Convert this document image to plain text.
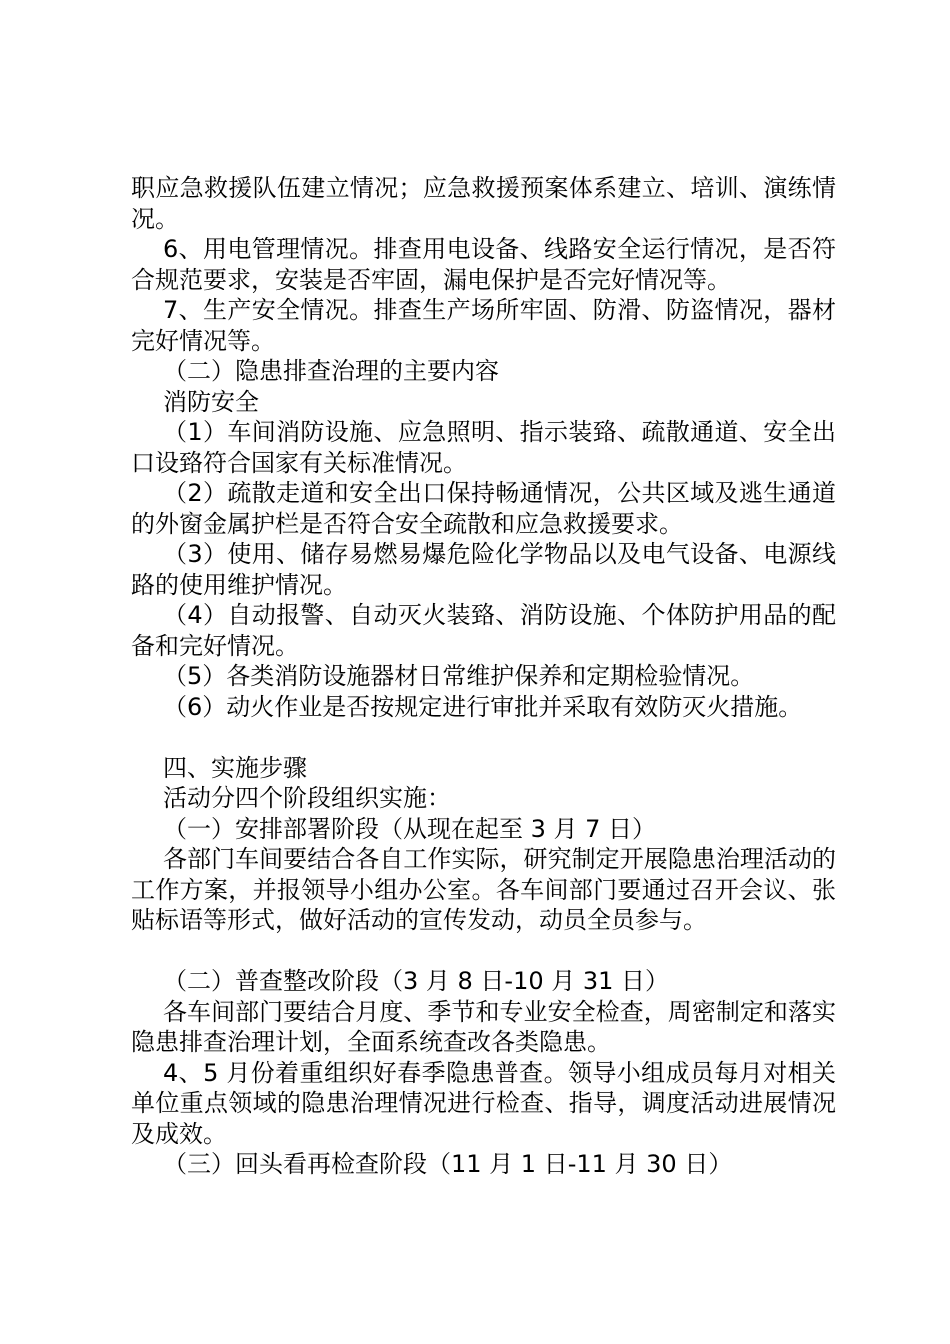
职应急救援队伍建立情况；应急救援预案体系建立、培训、演练情况。

6、用电管理情况。排查用电设备、线路安全运行情况，是否符合规范要求，安装是否牢固，漏电保护是否完好情况等。

7、生产安全情况。排查生产场所牢固、防滑、防盗情况，器材完好情况等。

（二）隐患排查治理的主要内容

消防安全

（1）车间消防设施、应急照明、指示装臵、疏散通道、安全出口设臵符合国家有关标准情况。

（2）疏散走道和安全出口保持畅通情况，公共区域及逃生通道的外窗金属护栏是否符合安全疏散和应急救援要求。

（3）使用、储存易燃易爆危险化学物品以及电气设备、电源线路的使用维护情况。

（4）自动报警、自动灭火装臵、消防设施、个体防护用品的配备和完好情况。

（5）各类消防设施器材日常维护保养和定期检验情况。

（6）动火作业是否按规定进行审批并采取有效防灭火措施。

四、实施步骤

活动分四个阶段组织实施：

（一）安排部署阶段（从现在起至 3 月 7 日）

各部门车间要结合各自工作实际，研究制定开展隐患治理活动的工作方案，并报领导小组办公室。各车间部门要通过召开会议、张贴标语等形式，做好活动的宣传发动，动员全员参与。

（二）普查整改阶段（3 月 8 日-10 月 31 日）

各车间部门要结合月度、季节和专业安全检查，周密制定和落实隐患排查治理计划，全面系统查改各类隐患。

4、5 月份着重组织好春季隐患普查。领导小组成员每月对相关单位重点领域的隐患治理情况进行检查、指导，调度活动进展情况及成效。

（三）回头看再检查阶段（11 月 1 日-11 月 30 日）
